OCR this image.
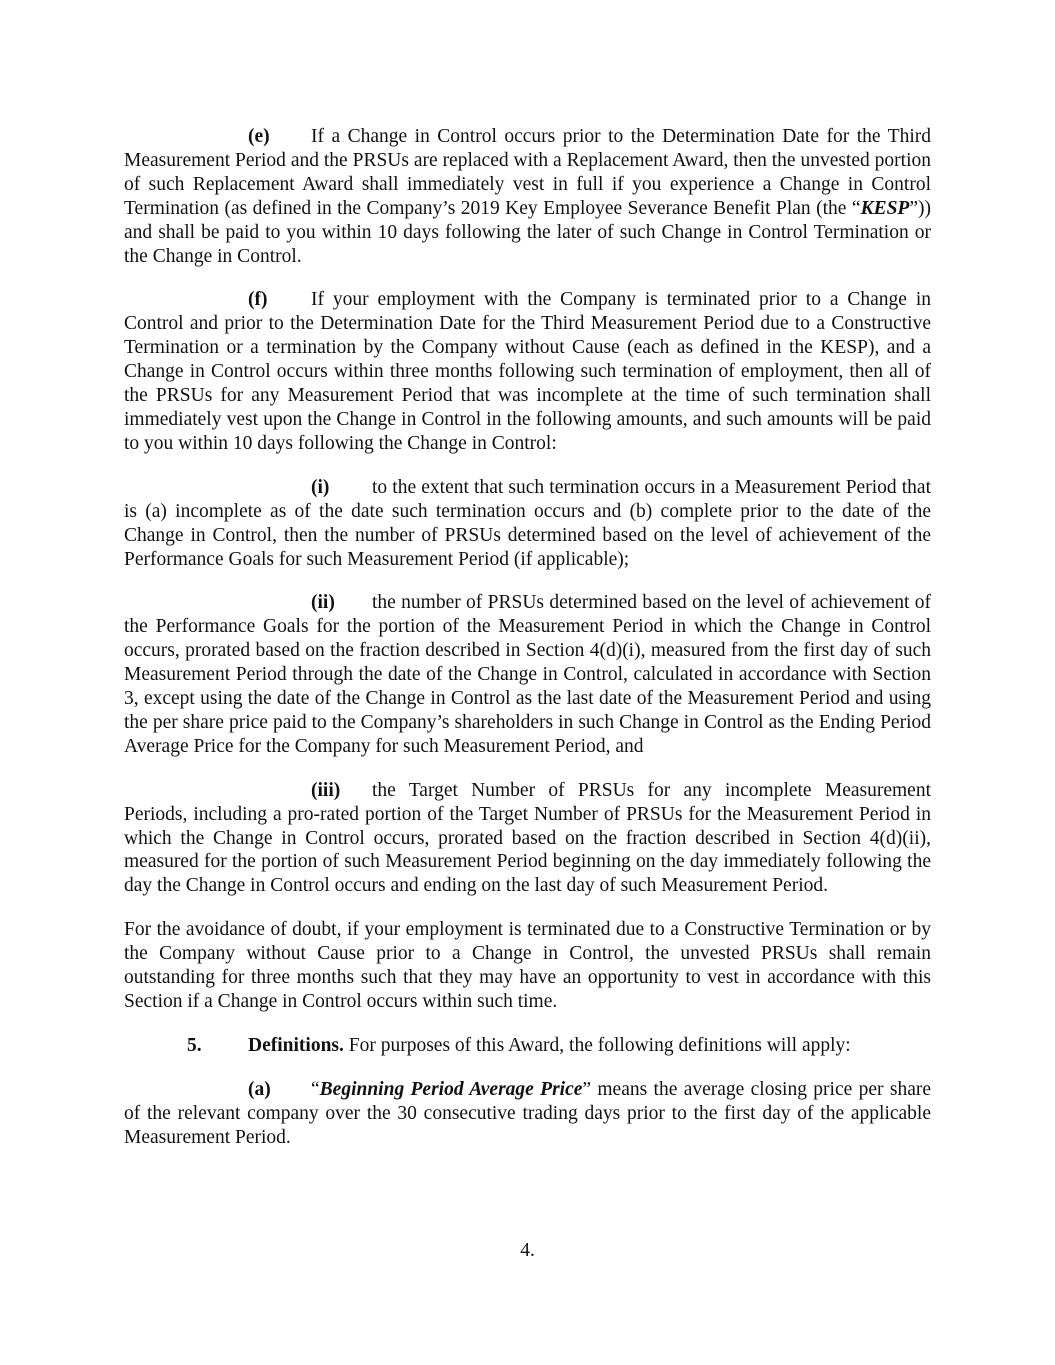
(e) If a Change in Control occurs prior to the Determination Date for the Third Measurement Period and the PRSUs are replaced with a Replacement Award, then the unvested portion of such Replacement Award shall immediately vest in full if you experience a Change in Control Termination (as defined in the Company’s 2019 Key Employee Severance Benefit Plan (the “KESP”)) and shall be paid to you within 10 days following the later of such Change in Control Termination or the Change in Control.

(f) If your employment with the Company is terminated prior to a Change in Control and prior to the Determination Date for the Third Measurement Period due to a Constructive Termination or a termination by the Company without Cause (each as defined in the KESP), and a Change in Control occurs within three months following such termination of employment, then all of the PRSUs for any Measurement Period that was incomplete at the time of such termination shall immediately vest upon the Change in Control in the following amounts, and such amounts will be paid to you within 10 days following the Change in Control:

(i) to the extent that such termination occurs in a Measurement Period that is (a) incomplete as of the date such termination occurs and (b) complete prior to the date of the Change in Control, then the number of PRSUs determined based on the level of achievement of the Performance Goals for such Measurement Period (if applicable);

(ii) the number of PRSUs determined based on the level of achievement of the Performance Goals for the portion of the Measurement Period in which the Change in Control occurs, prorated based on the fraction described in Section 4(d)(i), measured from the first day of such Measurement Period through the date of the Change in Control, calculated in accordance with Section 3, except using the date of the Change in Control as the last date of the Measurement Period and using the per share price paid to the Company’s shareholders in such Change in Control as the Ending Period Average Price for the Company for such Measurement Period, and

(iii) the Target Number of PRSUs for any incomplete Measurement Periods, including a pro-rated portion of the Target Number of PRSUs for the Measurement Period in which the Change in Control occurs, prorated based on the fraction described in Section 4(d)(ii), measured for the portion of such Measurement Period beginning on the day immediately following the day the Change in Control occurs and ending on the last day of such Measurement Period.

For the avoidance of doubt, if your employment is terminated due to a Constructive Termination or by the Company without Cause prior to a Change in Control, the unvested PRSUs shall remain outstanding for three months such that they may have an opportunity to vest in accordance with this Section if a Change in Control occurs within such time.

5. Definitions. For purposes of this Award, the following definitions will apply:

(a) “Beginning Period Average Price” means the average closing price per share of the relevant company over the 30 consecutive trading days prior to the first day of the applicable Measurement Period.

4.
